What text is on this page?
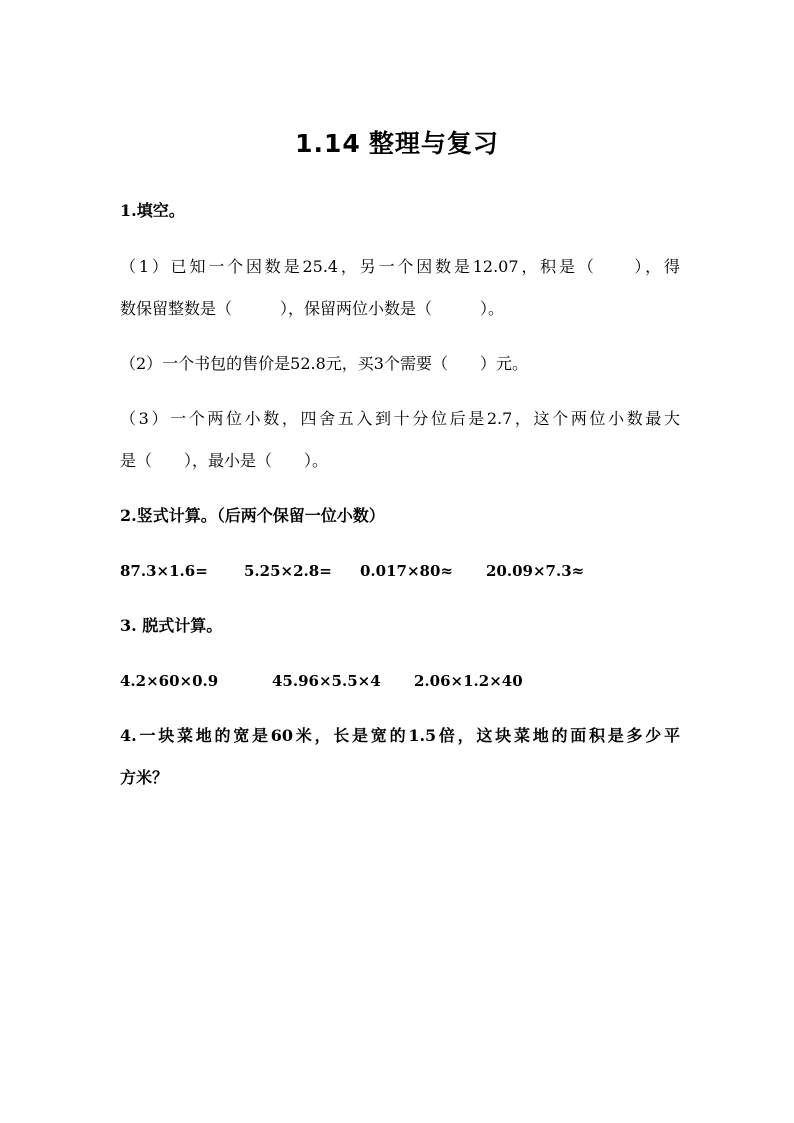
1.14 整理与复习
1.填空。
（1）已知一个因数是25.4，另一个因数是12.07，积是（　　），得
数保留整数是（　　　），保留两位小数是（　　　）。
（2）一个书包的售价是52.8元，买3个需要（　　）元。
（3）一个两位小数，四舍五入到十分位后是2.7，这个两位小数最大
是（　　），最小是（　　）。
2.竖式计算。（后两个保留一位小数）
87.3×1.6= 5.25×2.8= 0.017×80≈ 20.09×7.3≈
3. 脱式计算。
4.2×60×0.9	45.96×5.5×4 2.06×1.2×40
4.一块菜地的宽是60米，长是宽的1.5倍，这块菜地的面积是多少平
方米？
